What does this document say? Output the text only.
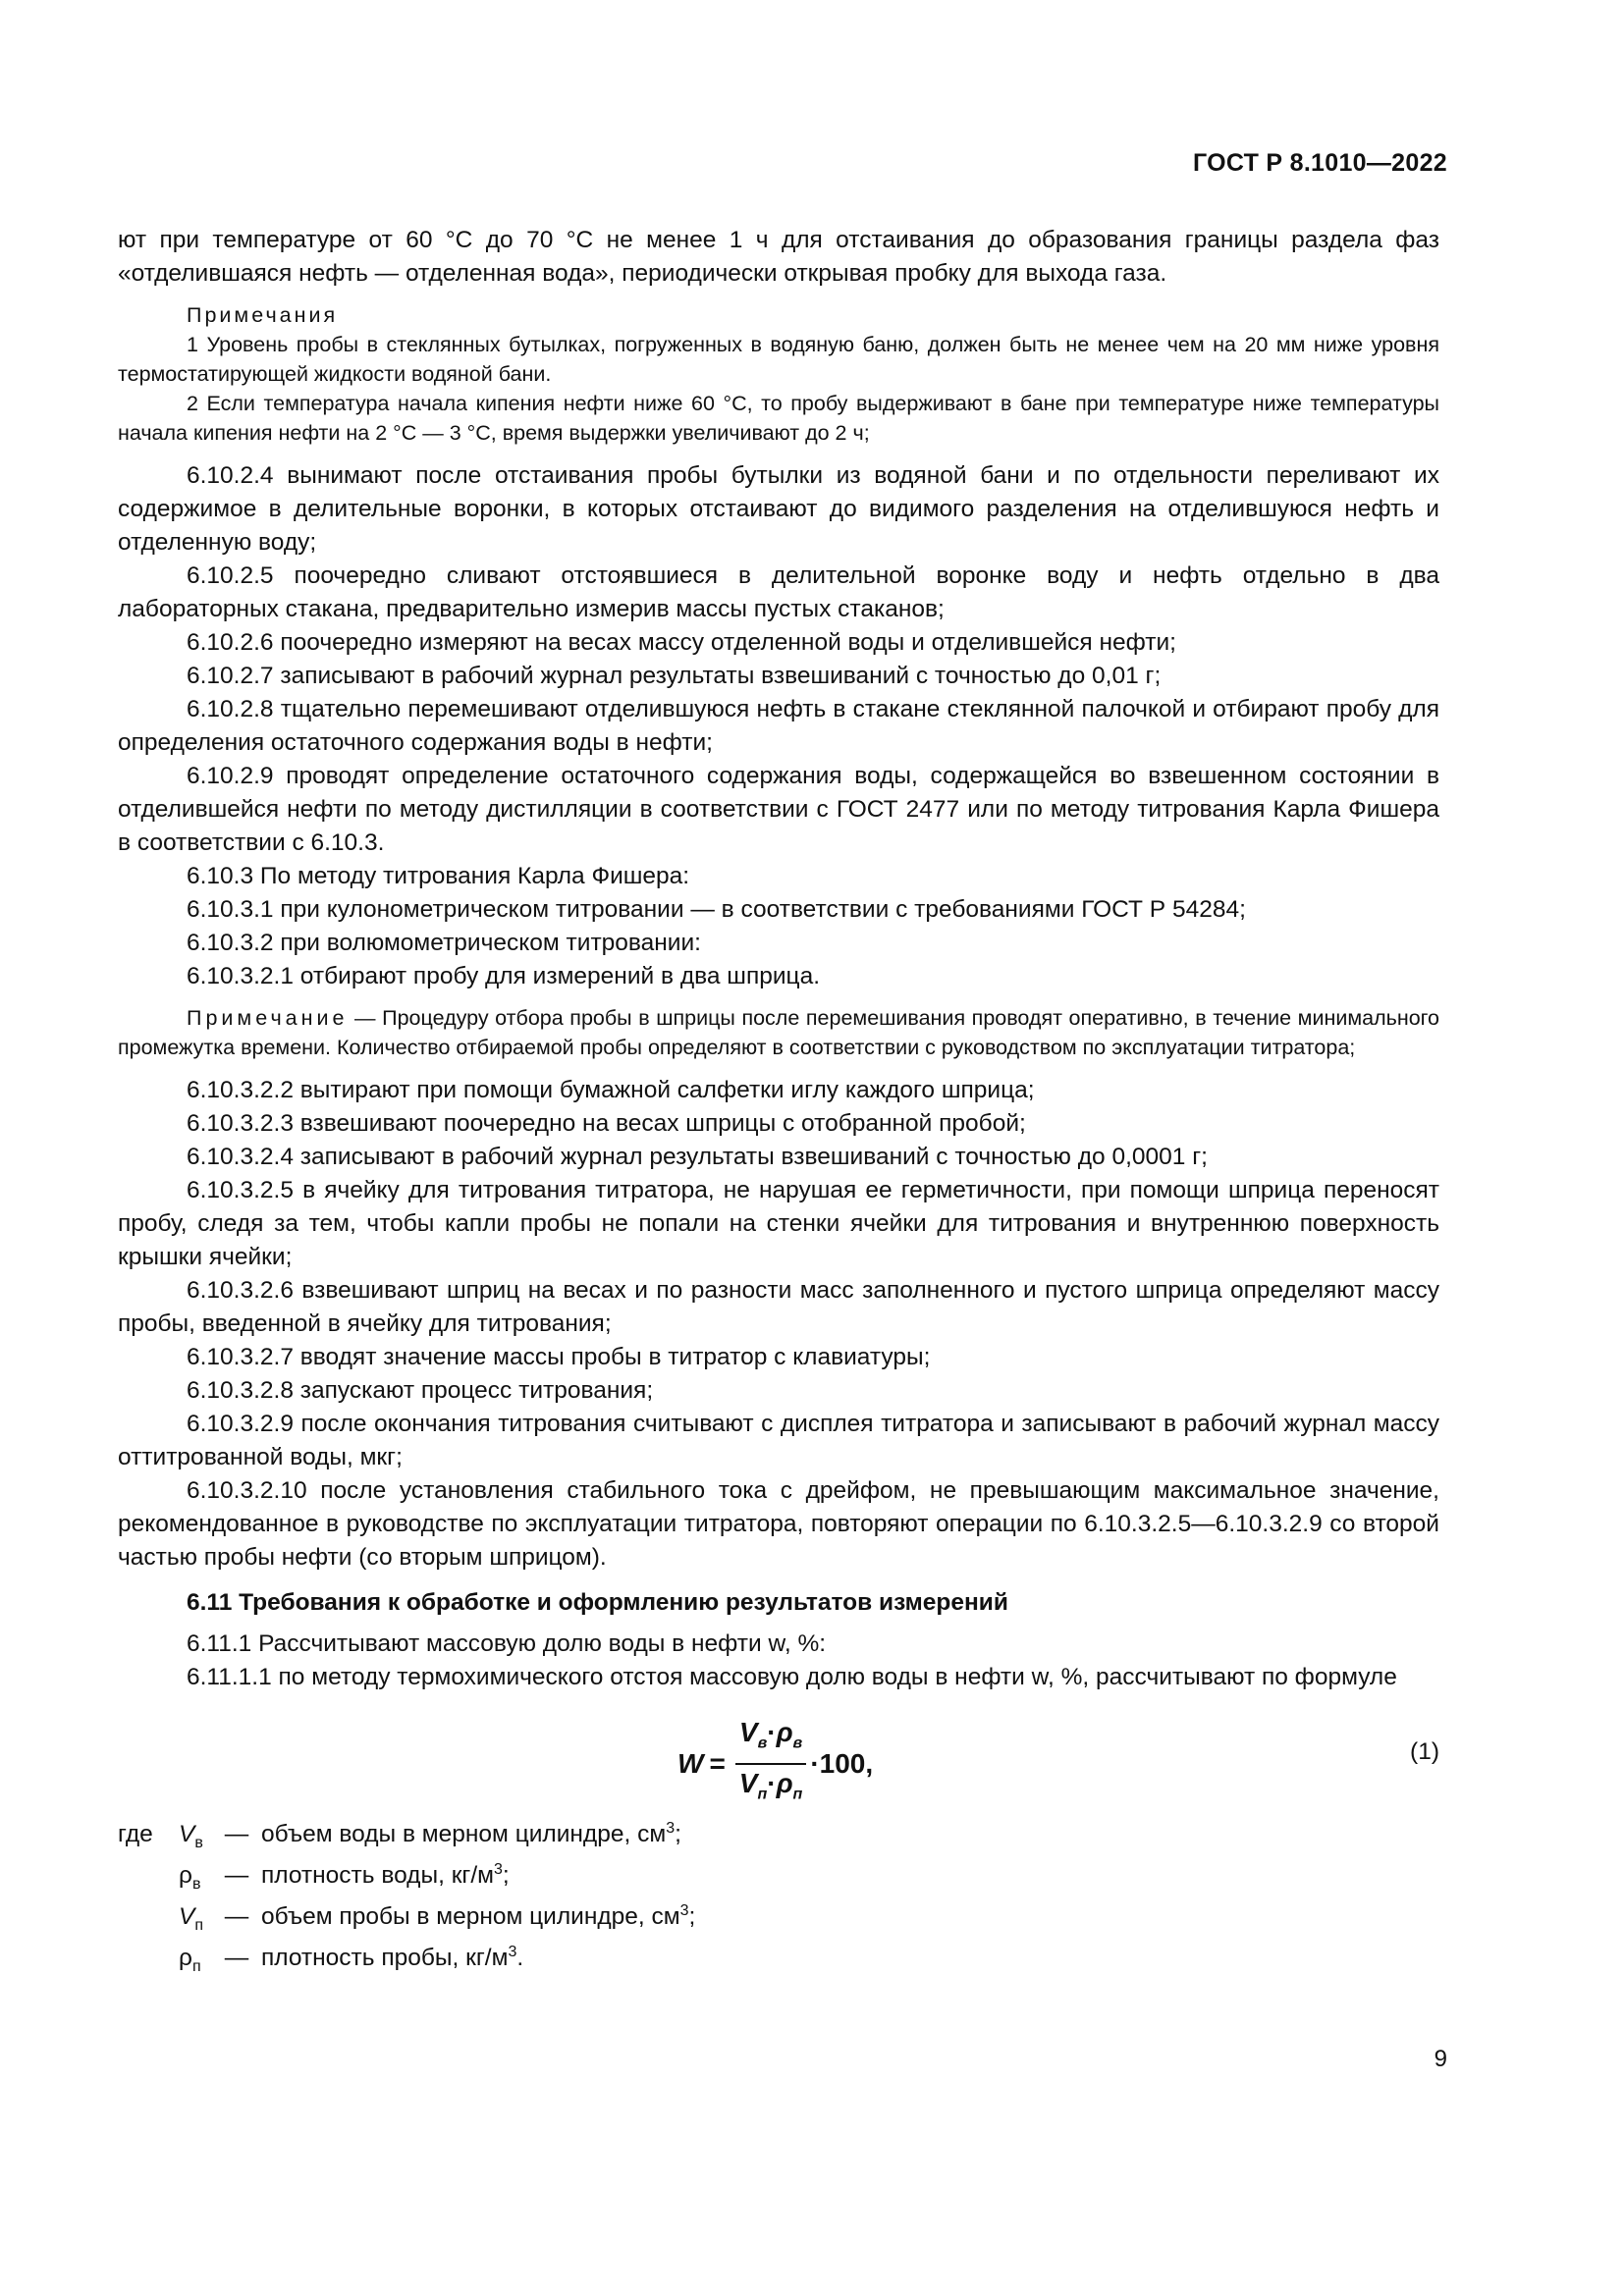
ГОСТ Р 8.1010—2022

ют при температуре от 60 °С до 70 °С не менее 1 ч для отстаивания до образования границы раздела фаз «отделившаяся нефть — отделенная вода», периодически открывая пробку для выхода газа.

Примечания

1 Уровень пробы в стеклянных бутылках, погруженных в водяную баню, должен быть не менее чем на 20 мм ниже уровня термостатирующей жидкости водяной бани.

2 Если температура начала кипения нефти ниже 60 °С, то пробу выдерживают в бане при температуре ниже температуры начала кипения нефти на 2 °С — 3 °С, время выдержки увеличивают до 2 ч;

6.10.2.4 вынимают после отстаивания пробы бутылки из водяной бани и по отдельности переливают их содержимое в делительные воронки, в которых отстаивают до видимого разделения на отделившуюся нефть и отделенную воду;

6.10.2.5 поочередно сливают отстоявшиеся в делительной воронке воду и нефть отдельно в два лабораторных стакана, предварительно измерив массы пустых стаканов;

6.10.2.6 поочередно измеряют на весах массу отделенной воды и отделившейся нефти;

6.10.2.7 записывают в рабочий журнал результаты взвешиваний с точностью до 0,01 г;

6.10.2.8 тщательно перемешивают отделившуюся нефть в стакане стеклянной палочкой и отбирают пробу для определения остаточного содержания воды в нефти;

6.10.2.9 проводят определение остаточного содержания воды, содержащейся во взвешенном состоянии в отделившейся нефти по методу дистилляции в соответствии с ГОСТ 2477 или по методу титрования Карла Фишера в соответствии с 6.10.3.

6.10.3 По методу титрования Карла Фишера:

6.10.3.1 при кулонометрическом титровании — в соответствии с требованиями ГОСТ Р 54284;

6.10.3.2 при волюмометрическом титровании:

6.10.3.2.1 отбирают пробу для измерений в два шприца.

Примечание — Процедуру отбора пробы в шприцы после перемешивания проводят оперативно, в течение минимального промежутка времени. Количество отбираемой пробы определяют в соответствии с руководством по эксплуатации титратора;

6.10.3.2.2 вытирают при помощи бумажной салфетки иглу каждого шприца;

6.10.3.2.3 взвешивают поочередно на весах шприцы с отобранной пробой;

6.10.3.2.4 записывают в рабочий журнал результаты взвешиваний с точностью до 0,0001 г;

6.10.3.2.5 в ячейку для титрования титратора, не нарушая ее герметичности, при помощи шприца переносят пробу, следя за тем, чтобы капли пробы не попали на стенки ячейки для титрования и внутреннюю поверхность крышки ячейки;

6.10.3.2.6 взвешивают шприц на весах и по разности масс заполненного и пустого шприца определяют массу пробы, введенной в ячейку для титрования;

6.10.3.2.7 вводят значение массы пробы в титратор с клавиатуры;

6.10.3.2.8 запускают процесс титрования;

6.10.3.2.9 после окончания титрования считывают с дисплея титратора и записывают в рабочий журнал массу оттитрованной воды, мкг;

6.10.3.2.10 после установления стабильного тока с дрейфом, не превышающим максимальное значение, рекомендованное в руководстве по эксплуатации титратора, повторяют операции по 6.10.3.2.5—6.10.3.2.9 со второй частью пробы нефти (со вторым шприцом).

6.11 Требования к обработке и оформлению результатов измерений

6.11.1 Рассчитывают массовую долю воды в нефти w, %:

6.11.1.1 по методу термохимического отстоя массовую долю воды в нефти w, %, рассчитывают по формуле

$W = \frac{V_в\cdot\rho_в}{V_п\cdot\rho_п} \cdot 100$,	(1)
где	$V_в$ — объем воды в мерном цилиндре, $см^3$;
$\rho_в$ — плотность воды, $кг/м^3$;
$V_п$ — объем пробы в мерном цилиндре, $см^3$;
$\rho_п$ — плотность пробы, $кг/м^3$.
9
